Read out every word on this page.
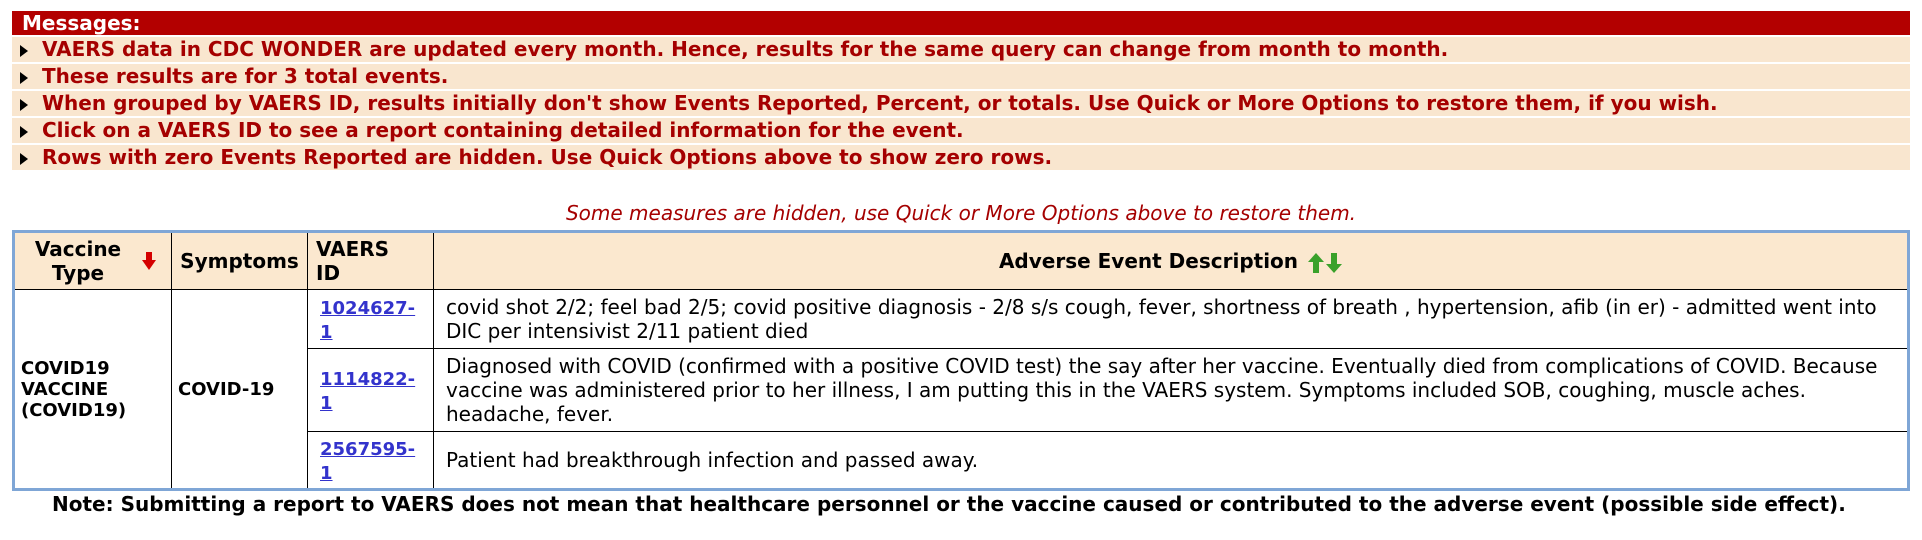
Messages:
VAERS data in CDC WONDER are updated every month. Hence, results for the same query can change from month to month.
These results are for 3 total events.
When grouped by VAERS ID, results initially don't show Events Reported, Percent, or totals. Use Quick or More Options to restore them, if you wish.
Click on a VAERS ID to see a report containing detailed information for the event.
Rows with zero Events Reported are hidden. Use Quick Options above to show zero rows.
Some measures are hidden, use Quick or More Options above to restore them.
Vaccine Type	Symptoms	VAERS ID	Adverse Event Description
COVID19 VACCINE (COVID19)	COVID-19	1024627-1	covid shot 2/2; feel bad 2/5; covid positive diagnosis - 2/8 s/s cough, fever, shortness of breath , hypertension, afib (in er) - admitted went into DIC per intensivist 2/11 patient died
		1114822-1	Diagnosed with COVID (confirmed with a positive COVID test) the say after her vaccine. Eventually died from complications of COVID. Because vaccine was administered prior to her illness, I am putting this in the VAERS system. Symptoms included SOB, coughing, muscle aches. headache, fever.
		2567595-1	Patient had breakthrough infection and passed away.
Note: Submitting a report to VAERS does not mean that healthcare personnel or the vaccine caused or contributed to the adverse event (possible side effect).
